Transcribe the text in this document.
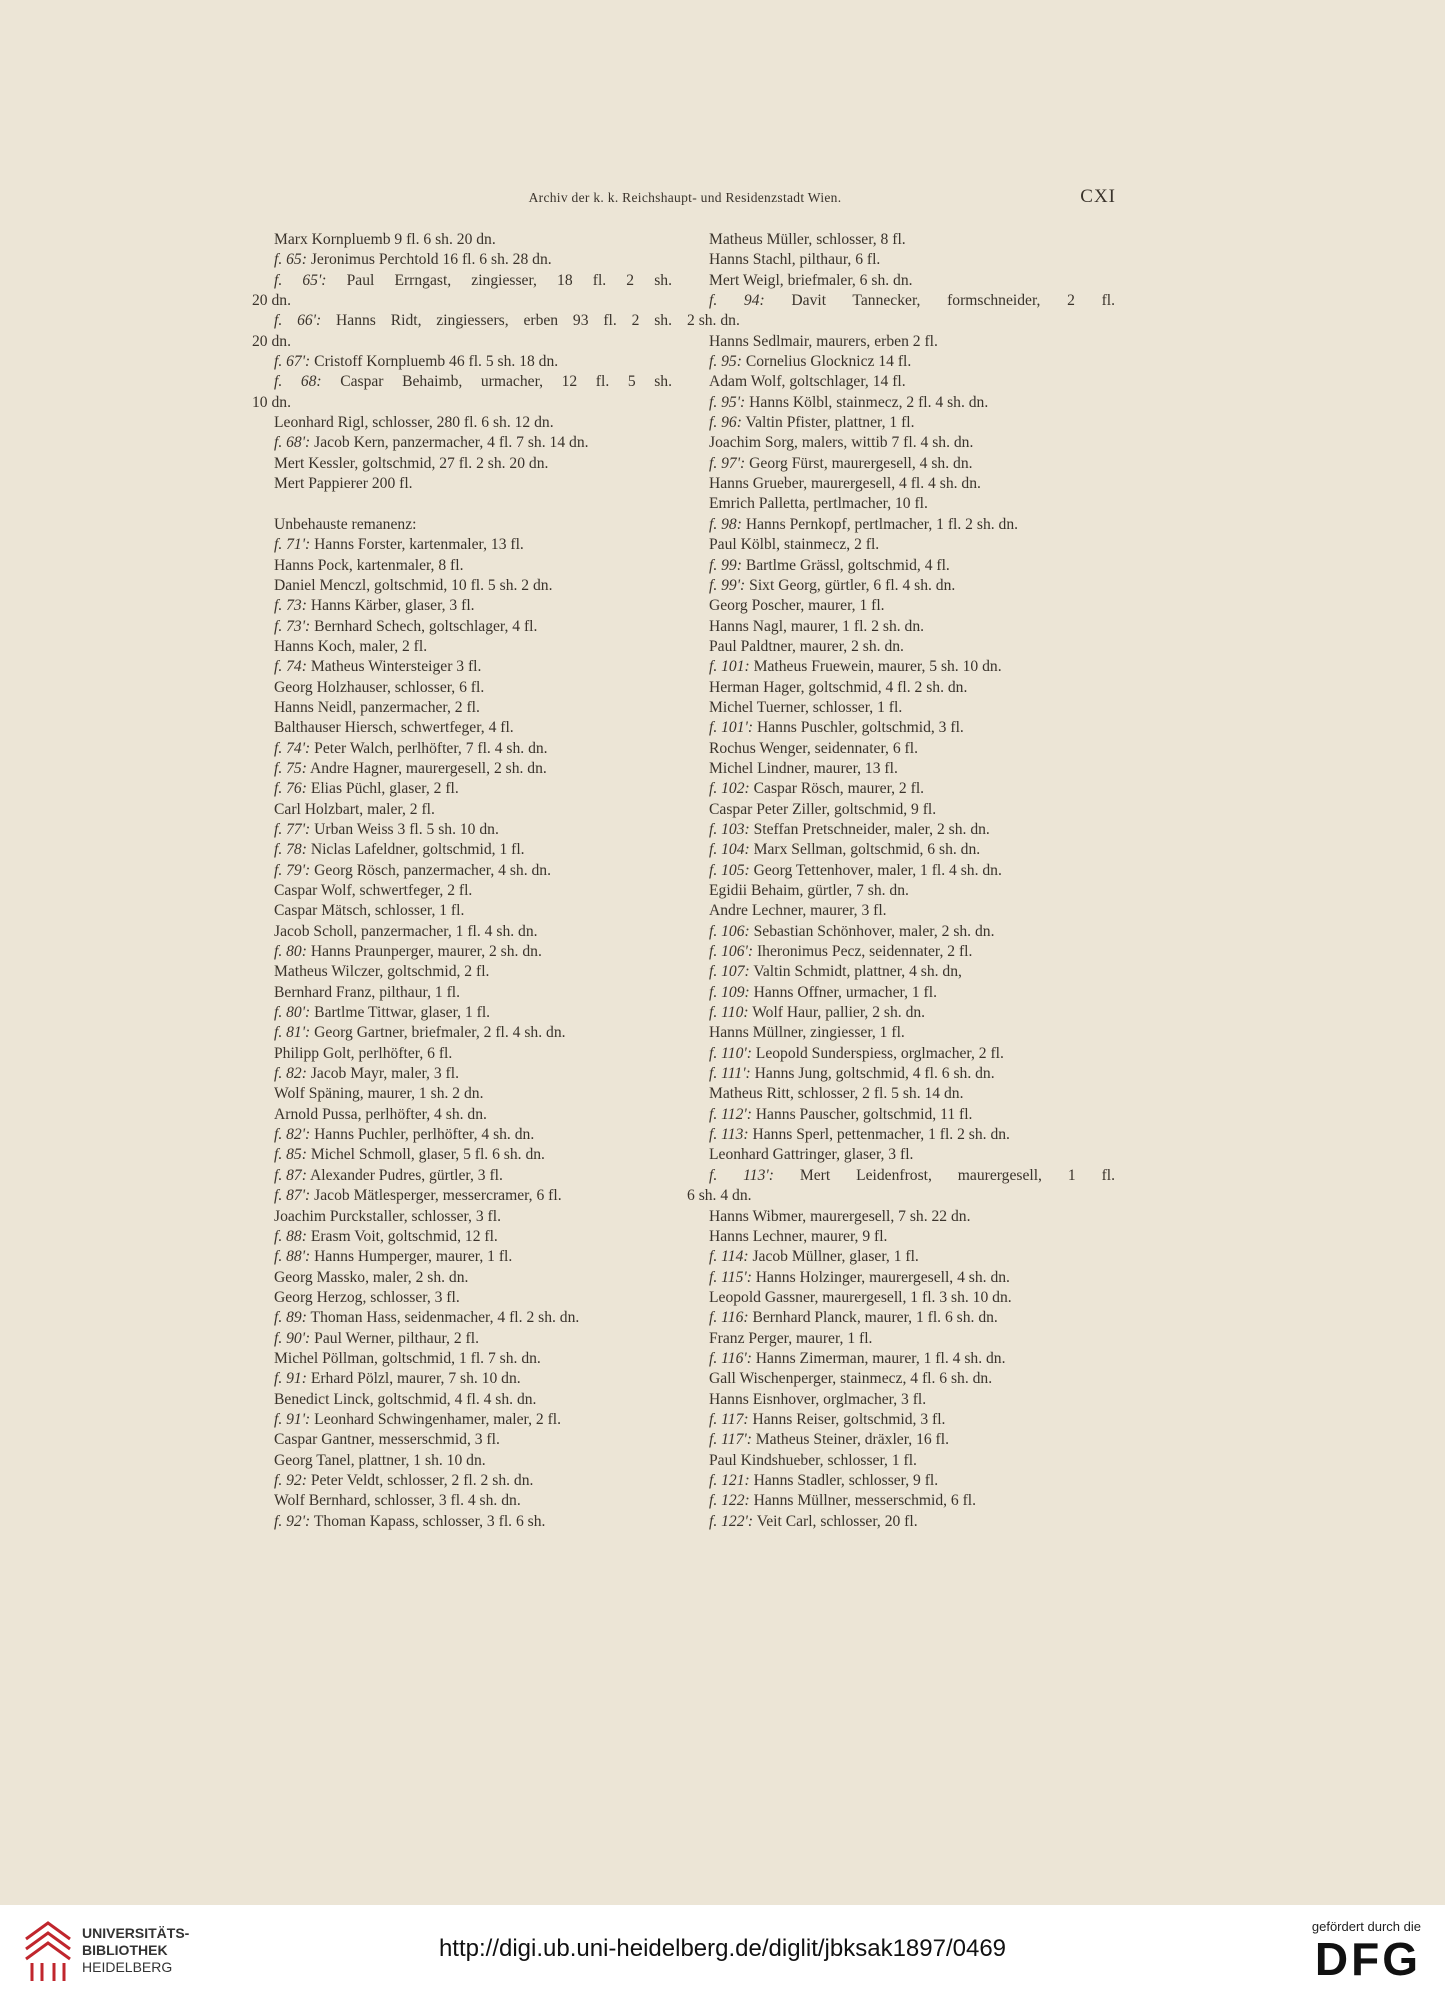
Archiv der k. k. Reichshaupt- und Residenzstadt Wien.	CXI
Marx Kornpluemb 9 fl. 6 sh. 20 dn.
f. 65: Jeronimus Perchtold 16 fl. 6 sh. 28 dn.
f. 65': Paul Errngast, zingiesser, 18 fl. 2 sh.
20 dn.
f. 66': Hanns Ridt, zingiessers, erben 93 fl. 2 sh.
20 dn.
f. 67': Cristoff Kornpluemb 46 fl. 5 sh. 18 dn.
f. 68: Caspar Behaimb, urmacher, 12 fl. 5 sh.
10 dn.
Leonhard Rigl, schlosser, 280 fl. 6 sh. 12 dn.
f. 68': Jacob Kern, panzermacher, 4 fl. 7 sh. 14 dn.
Mert Kessler, goltschmid, 27 fl. 2 sh. 20 dn.
Mert Pappierer 200 fl.
Unbehauste remanenz:
f. 71': Hanns Forster, kartenmaler, 13 fl.
Hanns Pock, kartenmaler, 8 fl.
Daniel Menczl, goltschmid, 10 fl. 5 sh. 2 dn.
f. 73: Hanns Kärber, glaser, 3 fl.
f. 73': Bernhard Schech, goltschlager, 4 fl.
Hanns Koch, maler, 2 fl.
f. 74: Matheus Wintersteiger 3 fl.
Georg Holzhauser, schlosser, 6 fl.
Hanns Neidl, panzermacher, 2 fl.
Balthauser Hiersch, schwertfeger, 4 fl.
f. 74': Peter Walch, perlhöfter, 7 fl. 4 sh. dn.
f. 75: Andre Hagner, maurergesell, 2 sh. dn.
f. 76: Elias Püchl, glaser, 2 fl.
Carl Holzbart, maler, 2 fl.
f. 77': Urban Weiss 3 fl. 5 sh. 10 dn.
f. 78: Niclas Lafeldner, goltschmid, 1 fl.
f. 79': Georg Rösch, panzermacher, 4 sh. dn.
Caspar Wolf, schwertfeger, 2 fl.
Caspar Mätsch, schlosser, 1 fl.
Jacob Scholl, panzermacher, 1 fl. 4 sh. dn.
f. 80: Hanns Praunperger, maurer, 2 sh. dn.
Matheus Wilczer, goltschmid, 2 fl.
Bernhard Franz, pilthaur, 1 fl.
f. 80': Bartlme Tittwar, glaser, 1 fl.
f. 81': Georg Gartner, briefmaler, 2 fl. 4 sh. dn.
Philipp Golt, perlhöfter, 6 fl.
f. 82: Jacob Mayr, maler, 3 fl.
Wolf Späning, maurer, 1 sh. 2 dn.
Arnold Pussa, perlhöfter, 4 sh. dn.
f. 82': Hanns Puchler, perlhöfter, 4 sh. dn.
f. 85: Michel Schmoll, glaser, 5 fl. 6 sh. dn.
f. 87: Alexander Pudres, gürtler, 3 fl.
f. 87': Jacob Mätlesperger, messercramer, 6 fl.
Joachim Purckstaller, schlosser, 3 fl.
f. 88: Erasm Voit, goltschmid, 12 fl.
f. 88': Hanns Humperger, maurer, 1 fl.
Georg Massko, maler, 2 sh. dn.
Georg Herzog, schlosser, 3 fl.
f. 89: Thoman Hass, seidenmacher, 4 fl. 2 sh. dn.
f. 90': Paul Werner, pilthaur, 2 fl.
Michel Pöllman, goltschmid, 1 fl. 7 sh. dn.
f. 91: Erhard Pölzl, maurer, 7 sh. 10 dn.
Benedict Linck, goltschmid, 4 fl. 4 sh. dn.
f. 91': Leonhard Schwingenhamer, maler, 2 fl.
Caspar Gantner, messerschmid, 3 fl.
Georg Tanel, plattner, 1 sh. 10 dn.
f. 92: Peter Veldt, schlosser, 2 fl. 2 sh. dn.
Wolf Bernhard, schlosser, 3 fl. 4 sh. dn.
f. 92': Thoman Kapass, schlosser, 3 fl. 6 sh.
Matheus Müller, schlosser, 8 fl.
Hanns Stachl, pilthaur, 6 fl.
Mert Weigl, briefmaler, 6 sh. dn.
f. 94: Davit Tannecker, formschneider, 2 fl.
2 sh. dn.
Hanns Sedlmair, maurers, erben 2 fl.
f. 95: Cornelius Glocknicz 14 fl.
Adam Wolf, goltschlager, 14 fl.
f. 95': Hanns Kölbl, stainmecz, 2 fl. 4 sh. dn.
f. 96: Valtin Pfister, plattner, 1 fl.
Joachim Sorg, malers, wittib 7 fl. 4 sh. dn.
f. 97': Georg Fürst, maurergesell, 4 sh. dn.
Hanns Grueber, maurergesell, 4 fl. 4 sh. dn.
Emrich Palletta, pertlmacher, 10 fl.
f. 98: Hanns Pernkopf, pertlmacher, 1 fl. 2 sh. dn.
Paul Kölbl, stainmecz, 2 fl.
f. 99: Bartlme Grässl, goltschmid, 4 fl.
f. 99': Sixt Georg, gürtler, 6 fl. 4 sh. dn.
Georg Poscher, maurer, 1 fl.
Hanns Nagl, maurer, 1 fl. 2 sh. dn.
Paul Paldtner, maurer, 2 sh. dn.
f. 101: Matheus Fruewein, maurer, 5 sh. 10 dn.
Herman Hager, goltschmid, 4 fl. 2 sh. dn.
Michel Tuerner, schlosser, 1 fl.
f. 101': Hanns Puschler, goltschmid, 3 fl.
Rochus Wenger, seidennater, 6 fl.
Michel Lindner, maurer, 13 fl.
f. 102: Caspar Rösch, maurer, 2 fl.
Caspar Peter Ziller, goltschmid, 9 fl.
f. 103: Steffan Pretschneider, maler, 2 sh. dn.
f. 104: Marx Sellman, goltschmid, 6 sh. dn.
f. 105: Georg Tettenhover, maler, 1 fl. 4 sh. dn.
Egidii Behaim, gürtler, 7 sh. dn.
Andre Lechner, maurer, 3 fl.
f. 106: Sebastian Schönhover, maler, 2 sh. dn.
f. 106': Iheronimus Pecz, seidennater, 2 fl.
f. 107: Valtin Schmidt, plattner, 4 sh. dn,
f. 109: Hanns Offner, urmacher, 1 fl.
f. 110: Wolf Haur, pallier, 2 sh. dn.
Hanns Müllner, zingiesser, 1 fl.
f. 110': Leopold Sunderspiess, orglmacher, 2 fl.
f. 111': Hanns Jung, goltschmid, 4 fl. 6 sh. dn.
Matheus Ritt, schlosser, 2 fl. 5 sh. 14 dn.
f. 112': Hanns Pauscher, goltschmid, 11 fl.
f. 113: Hanns Sperl, pettenmacher, 1 fl. 2 sh. dn.
Leonhard Gattringer, glaser, 3 fl.
f. 113': Mert Leidenfrost, maurergesell, 1 fl.
6 sh. 4 dn.
Hanns Wibmer, maurergesell, 7 sh. 22 dn.
Hanns Lechner, maurer, 9 fl.
f. 114: Jacob Müllner, glaser, 1 fl.
f. 115': Hanns Holzinger, maurergesell, 4 sh. dn.
Leopold Gassner, maurergesell, 1 fl. 3 sh. 10 dn.
f. 116: Bernhard Planck, maurer, 1 fl. 6 sh. dn.
Franz Perger, maurer, 1 fl.
f. 116': Hanns Zimerman, maurer, 1 fl. 4 sh. dn.
Gall Wischenperger, stainmecz, 4 fl. 6 sh. dn.
Hanns Eisnhover, orglmacher, 3 fl.
f. 117: Hanns Reiser, goltschmid, 3 fl.
f. 117': Matheus Steiner, dräxler, 16 fl.
Paul Kindshueber, schlosser, 1 fl.
f. 121: Hanns Stadler, schlosser, 9 fl.
f. 122: Hanns Müllner, messerschmid, 6 fl.
f. 122': Veit Carl, schlosser, 20 fl.
UNIVERSITÄTS-
BIBLIOTHEK
HEIDELBERG
http://digi.ub.uni-heidelberg.de/diglit/jbksak1897/0469
gefördert durch die
DFG
